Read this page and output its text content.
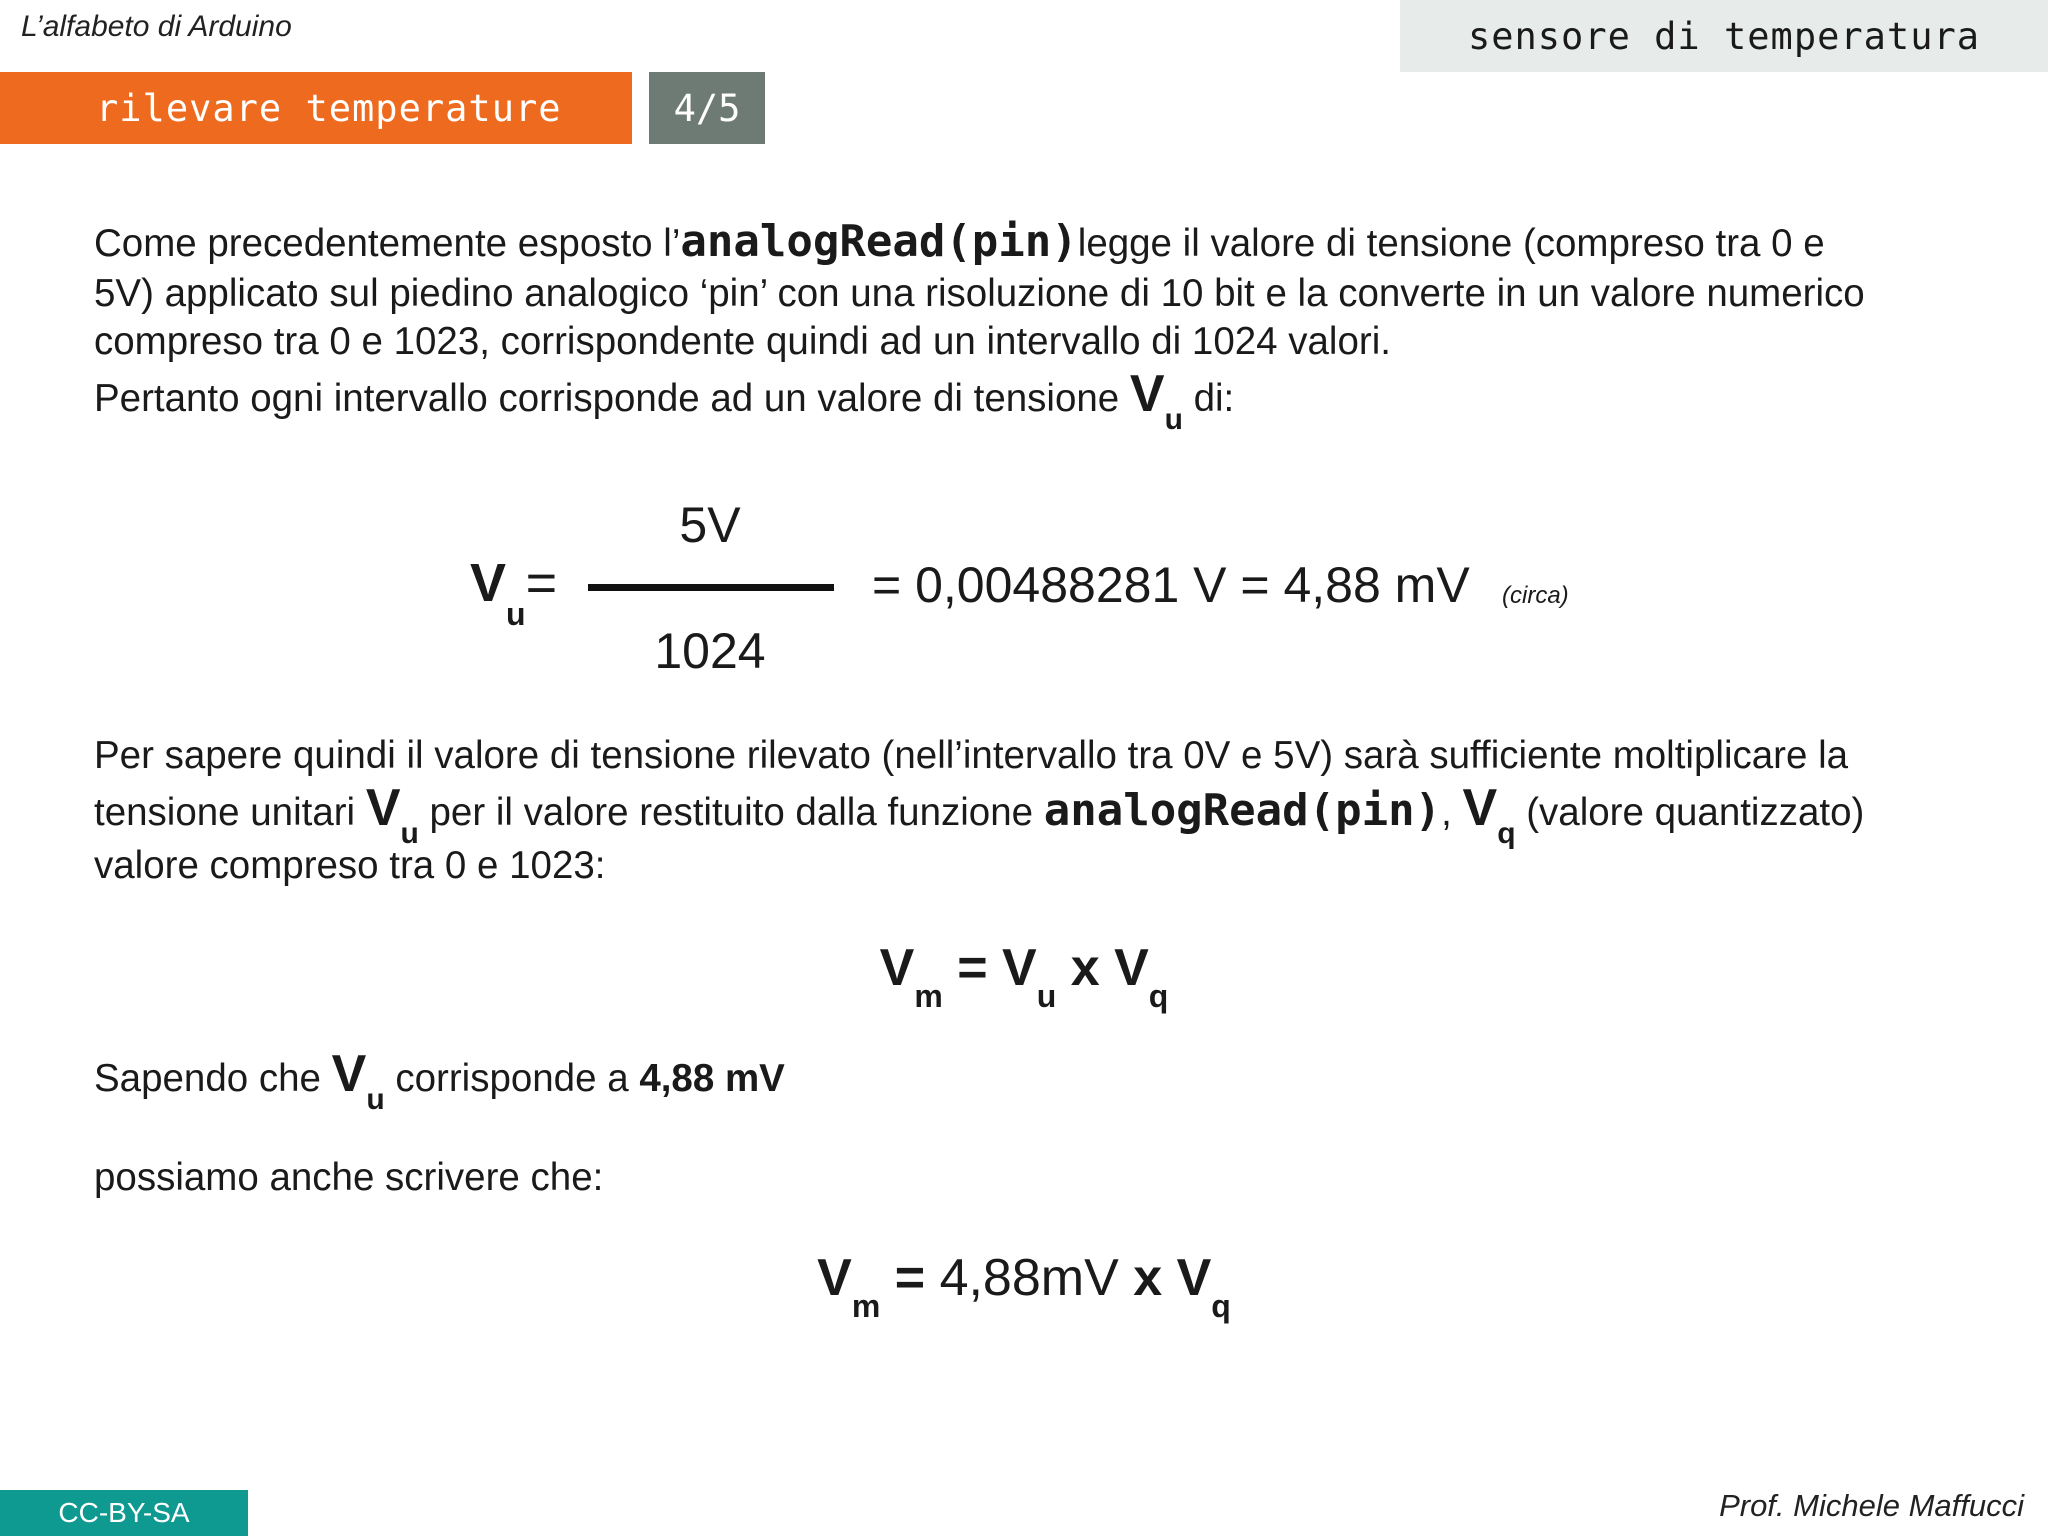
L’alfabeto di Arduino	sensore di temperatura
rilevare temperature	4/5
Come precedentemente esposto l’analogRead(pin)legge il valore di tensione (compreso tra 0 e
5V) applicato sul piedino analogico ‘pin’ con una risoluzione di 10 bit e la converte in un valore numerico
compreso tra 0 e 1023, corrispondente quindi ad un intervallo di 1024 valori.
Pertanto ogni intervallo corrisponde ad un valore di tensione $V_u$ di:
$V_u=$
5V
1024
= 0,00488281 V = 4,88 mV (circa)
Per sapere quindi il valore di tensione rilevato (nell’intervallo tra 0V e 5V) sarà sufficiente moltiplicare la
tensione unitari $V_u$ per il valore restituito dalla funzione analogRead(pin), $V_q$ (valore quantizzato)
valore compreso tra 0 e 1023:
$V_m = V_u$ x $V_q$
Sapendo che $V_u$ corrisponde a 4,88 mV
possiamo anche scrivere che:
$V_m = 4,88mV$ x $V_q$
CC-BY-SA	Prof. Michele Maffucci
